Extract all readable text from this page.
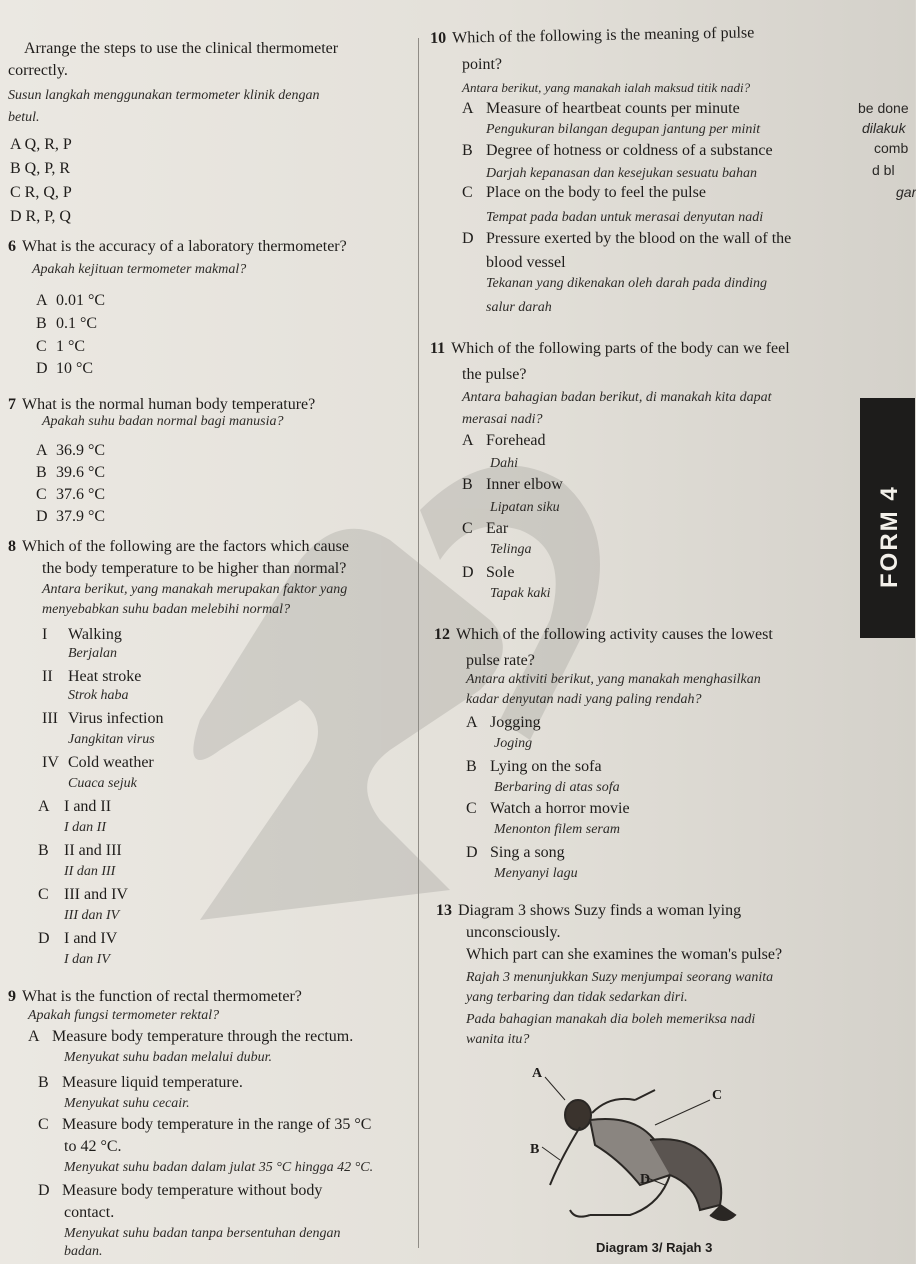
Arrange the steps to use the clinical thermometer
correctly.
Susun langkah menggunakan termometer klinik dengan
betul.
A Q, R, P
B Q, P, R
C R, Q, P
D R, P, Q
6 What is the accuracy of a laboratory thermometer?
Apakah kejituan termometer makmal?
A 0.01 °C
B 0.1 °C
C 1 °C
D 10 °C
7 What is the normal human body temperature?
Apakah suhu badan normal bagi manusia?
A 36.9 °C
B 39.6 °C
C 37.6 °C
D 37.9 °C
8 Which of the following are the factors which cause
the body temperature to be higher than normal?
Antara berikut, yang manakah merupakan faktor yang
menyebabkan suhu badan melebihi normal?
I Walking
Berjalan
II Heat stroke
Strok haba
III Virus infection
Jangkitan virus
IV Cold weather
Cuaca sejuk
A I and II
I dan II
B II and III
II dan III
C III and IV
III dan IV
D I and IV
I dan IV
9 What is the function of rectal thermometer?
Apakah fungsi termometer rektal?
A Measure body temperature through the rectum.
Menyukat suhu badan melalui dubur.
B Measure liquid temperature.
Menyukat suhu cecair.
C Measure body temperature in the range of 35 °C
to 42 °C.
Menyukat suhu badan dalam julat 35 °C hingga 42 °C.
D Measure body temperature without body
contact.
Menyukat suhu badan tanpa bersentuhan dengan
badan.
10 Which of the following is the meaning of pulse
point?
Antara berikut, yang manakah ialah maksud titik nadi?
A Measure of heartbeat counts per minute
Pengukuran bilangan degupan jantung per minit
B Degree of hotness or coldness of a substance
Darjah kepanasan dan kesejukan sesuatu bahan
C Place on the body to feel the pulse
Tempat pada badan untuk merasai denyutan nadi
D Pressure exerted by the blood on the wall of the
blood vessel
Tekanan yang dikenakan oleh darah pada dinding
salur darah
11 Which of the following parts of the body can we feel
the pulse?
Antara bahagian badan berikut, di manakah kita dapat
merasai nadi?
A Forehead
Dahi
B Inner elbow
Lipatan siku
C Ear
Telinga
D Sole
Tapak kaki
12 Which of the following activity causes the lowest
pulse rate?
Antara aktiviti berikut, yang manakah menghasilkan
kadar denyutan nadi yang paling rendah?
A Jogging
Joging
B Lying on the sofa
Berbaring di atas sofa
C Watch a horror movie
Menonton filem seram
D Sing a song
Menyanyi lagu
13 Diagram 3 shows Suzy finds a woman lying
unconsciously.
Which part can she examines the woman's pulse?
Rajah 3 menunjukkan Suzy menjumpai seorang wanita
yang terbaring dan tidak sedarkan diri.
Pada bahagian manakah dia boleh memeriksa nadi
wanita itu?
A
C
B
D
Diagram 3/ Rajah 3
be done
dilakuk
comb
d bl
gar
FORM 4
